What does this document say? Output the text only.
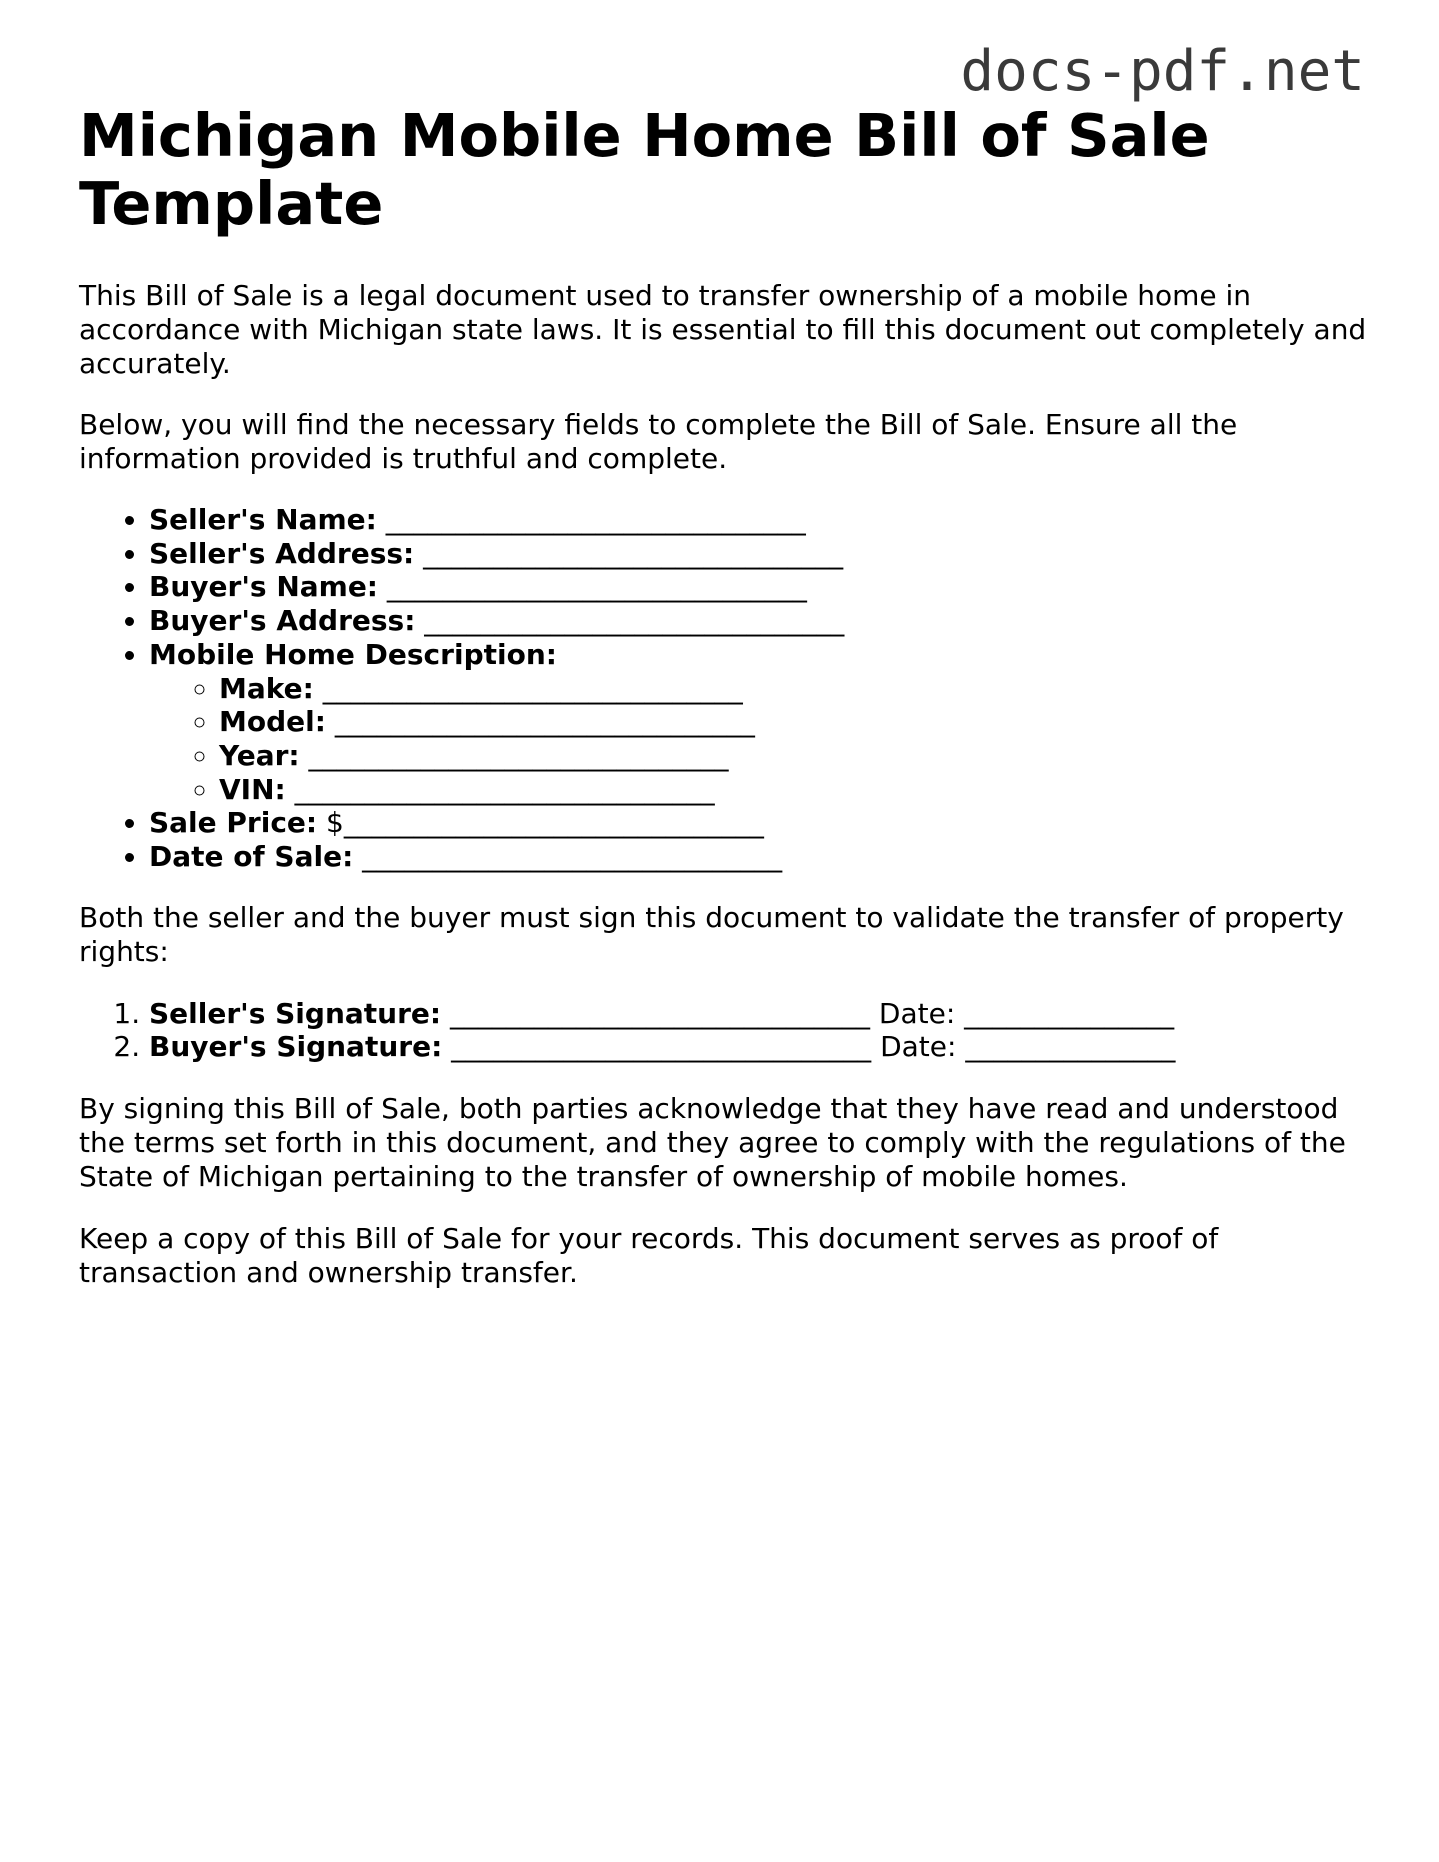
docs-pdf.net
Michigan Mobile Home Bill of Sale Template

This Bill of Sale is a legal document used to transfer ownership of a mobile home in accordance with Michigan state laws. It is essential to fill this document out completely and accurately.

Below, you will find the necessary fields to complete the Bill of Sale. Ensure all the information provided is truthful and complete.

• Seller's Name: ______________________________
• Seller's Address: ______________________________
• Buyer's Name: ______________________________
• Buyer's Address: ______________________________
• Mobile Home Description:
◦ Make: ______________________________
◦ Model: ______________________________
◦ Year: ______________________________
◦ VIN: ______________________________
• Sale Price: $______________________________
• Date of Sale: ______________________________

Both the seller and the buyer must sign this document to validate the transfer of property rights:

1. Seller's Signature: ______________________________ Date: _______________
2. Buyer's Signature: ______________________________ Date: _______________

By signing this Bill of Sale, both parties acknowledge that they have read and understood the terms set forth in this document, and they agree to comply with the regulations of the State of Michigan pertaining to the transfer of ownership of mobile homes.

Keep a copy of this Bill of Sale for your records. This document serves as proof of transaction and ownership transfer.
